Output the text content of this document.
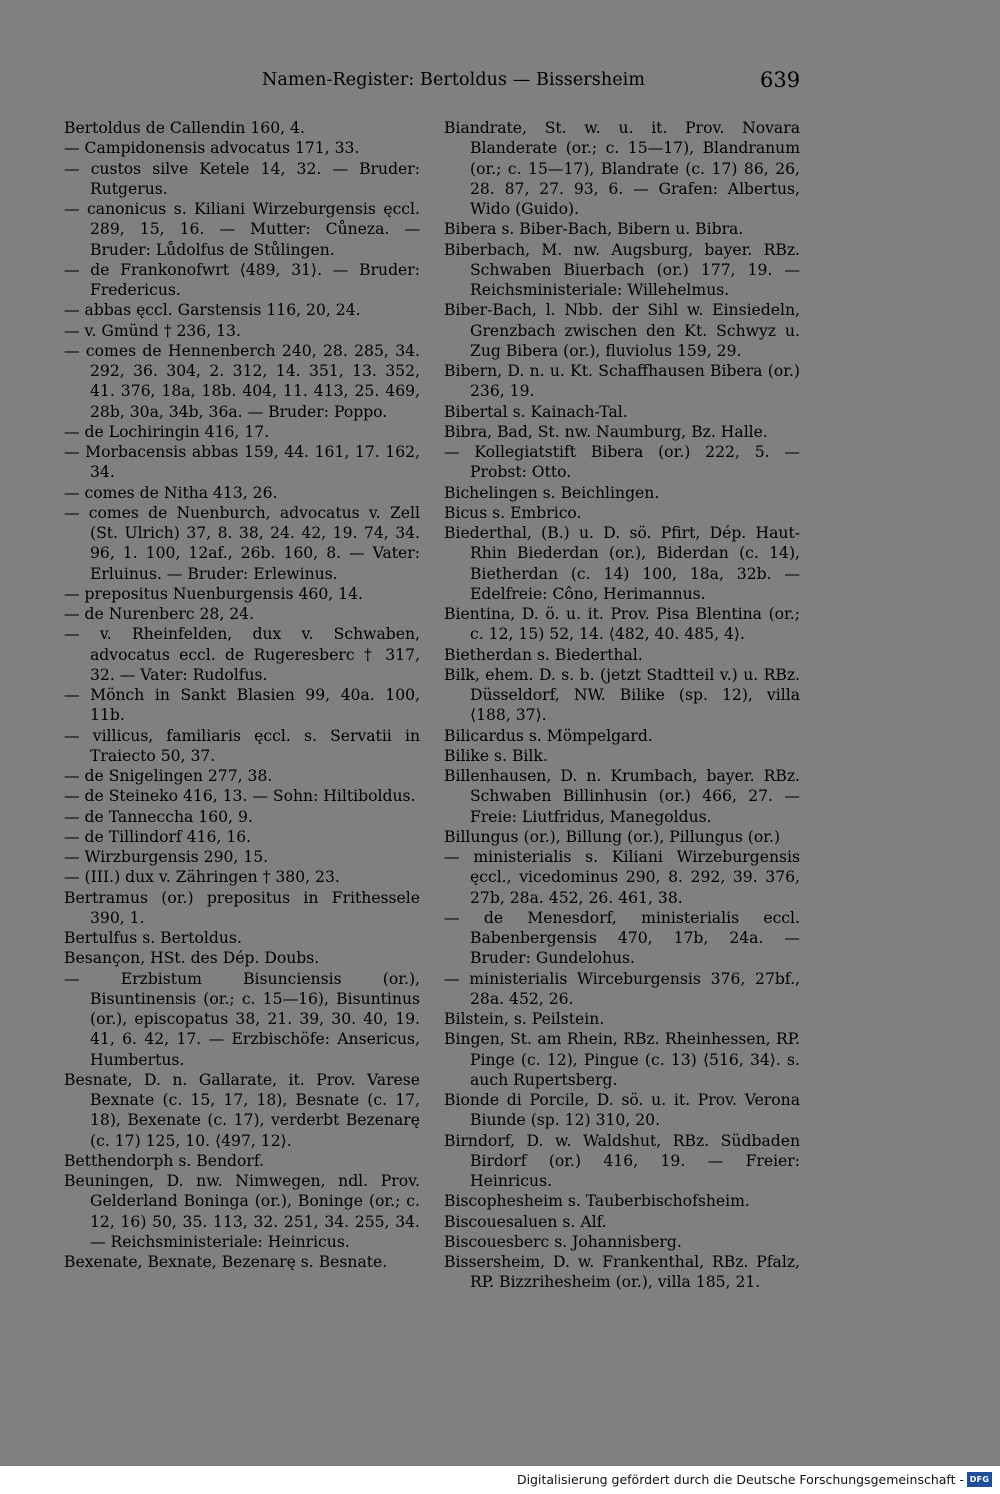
Namen-Register: Bertoldus — Bissersheim	639
Bertoldus de Callendin 160, 4.
— Campidonensis advocatus 171, 33.
— custos silve Ketele 14, 32. — Bruder: Rutgerus.
— canonicus s. Kiliani Wirzeburgensis ęccl. 289, 15, 16. — Mutter: Cůneza. — Bruder: Lůdolfus de Stůlingen.
— de Frankonofwrt ⟨489, 31⟩. — Bruder: Fredericus.
— abbas ęccl. Garstensis 116, 20, 24.
— v. Gmünd † 236, 13.
— comes de Hennenberch 240, 28. 285, 34. 292, 36. 304, 2. 312, 14. 351, 13. 352, 41. 376, 18a, 18b. 404, 11. 413, 25. 469, 28b, 30a, 34b, 36a. — Bruder: Poppo.
— de Lochiringin 416, 17.
— Morbacensis abbas 159, 44. 161, 17. 162, 34.
— comes de Nitha 413, 26.
— comes de Nuenburch, advocatus v. Zell (St. Ulrich) 37, 8. 38, 24. 42, 19. 74, 34. 96, 1. 100, 12af., 26b. 160, 8. — Vater: Erluinus. — Bruder: Erlewinus.
— prepositus Nuenburgensis 460, 14.
— de Nurenberc 28, 24.
— v. Rheinfelden, dux v. Schwaben, advocatus eccl. de Rugeresberc † 317, 32. — Vater: Rudolfus.
— Mönch in Sankt Blasien 99, 40a. 100, 11b.
— villicus, familiaris ęccl. s. Servatii in Traiecto 50, 37.
— de Snigelingen 277, 38.
— de Steineko 416, 13. — Sohn: Hiltiboldus.
— de Tanneccha 160, 9.
— de Tillindorf 416, 16.
— Wirzburgensis 290, 15.
— (III.) dux v. Zähringen † 380, 23.
Bertramus (or.) prepositus in Frithessele 390, 1.
Bertulfus s. Bertoldus.
Besançon, HSt. des Dép. Doubs.
— Erzbistum Bisunciensis (or.), Bisuntinensis (or.; c. 15—16), Bisuntinus (or.), episcopatus 38, 21. 39, 30. 40, 19. 41, 6. 42, 17. — Erzbischöfe: Ansericus, Humbertus.
Besnate, D. n. Gallarate, it. Prov. Varese Bexnate (c. 15, 17, 18), Besnate (c. 17, 18), Bexenate (c. 17), verderbt Bezenarę (c. 17) 125, 10. ⟨497, 12⟩.
Betthendorph s. Bendorf.
Beuningen, D. nw. Nimwegen, ndl. Prov. Gelderland Boninga (or.), Boninge (or.; c. 12, 16) 50, 35. 113, 32. 251, 34. 255, 34. — Reichsministeriale: Heinricus.
Bexenate, Bexnate, Bezenarę s. Besnate.
Biandrate, St. w. u. it. Prov. Novara Blanderate (or.; c. 15—17), Blandranum (or.; c. 15—17), Blandrate (c. 17) 86, 26, 28. 87, 27. 93, 6. — Grafen: Albertus, Wido (Guido).
Bibera s. Biber-Bach, Bibern u. Bibra.
Biberbach, M. nw. Augsburg, bayer. RBz. Schwaben Biuerbach (or.) 177, 19. — Reichsministeriale: Willehelmus.
Biber-Bach, l. Nbb. der Sihl w. Einsiedeln, Grenzbach zwischen den Kt. Schwyz u. Zug Bibera (or.), fluviolus 159, 29.
Bibern, D. n. u. Kt. Schaffhausen Bibera (or.) 236, 19.
Bibertal s. Kainach-Tal.
Bibra, Bad, St. nw. Naumburg, Bz. Halle.
— Kollegiatstift Bibera (or.) 222, 5. — Probst: Otto.
Bichelingen s. Beichlingen.
Bicus s. Embrico.
Biederthal, (B.) u. D. sö. Pfirt, Dép. Haut-Rhin Biederdan (or.), Biderdan (c. 14), Bietherdan (c. 14) 100, 18a, 32b. — Edelfreie: Côno, Herimannus.
Bientina, D. ö. u. it. Prov. Pisa Blentina (or.; c. 12, 15) 52, 14. ⟨482, 40. 485, 4⟩.
Bietherdan s. Biederthal.
Bilk, ehem. D. s. b. (jetzt Stadtteil v.) u. RBz. Düsseldorf, NW. Bilike (sp. 12), villa ⟨188, 37⟩.
Bilicardus s. Mömpelgard.
Bilike s. Bilk.
Billenhausen, D. n. Krumbach, bayer. RBz. Schwaben Billinhusin (or.) 466, 27. — Freie: Liutfridus, Manegoldus.
Billungus (or.), Billung (or.), Pillungus (or.)
— ministerialis s. Kiliani Wirzeburgensis ęccl., vicedominus 290, 8. 292, 39. 376, 27b, 28a. 452, 26. 461, 38.
— de Menesdorf, ministerialis eccl. Babenbergensis 470, 17b, 24a. — Bruder: Gundelohus.
— ministerialis Wirceburgensis 376, 27bf., 28a. 452, 26.
Bilstein, s. Peilstein.
Bingen, St. am Rhein, RBz. Rheinhessen, RP. Pinge (c. 12), Pingue (c. 13) ⟨516, 34⟩. s. auch Rupertsberg.
Bionde di Porcile, D. sö. u. it. Prov. Verona Biunde (sp. 12) 310, 20.
Birndorf, D. w. Waldshut, RBz. Südbaden Birdorf (or.) 416, 19. — Freier: Heinricus.
Biscophesheim s. Tauberbischofsheim.
Biscouesaluen s. Alf.
Biscouesberc s. Johannisberg.
Bissersheim, D. w. Frankenthal, RBz. Pfalz, RP. Bizzrihesheim (or.), villa 185, 21.
Digitalisierung gefördert durch die Deutsche Forschungsgemeinschaft - DFG
